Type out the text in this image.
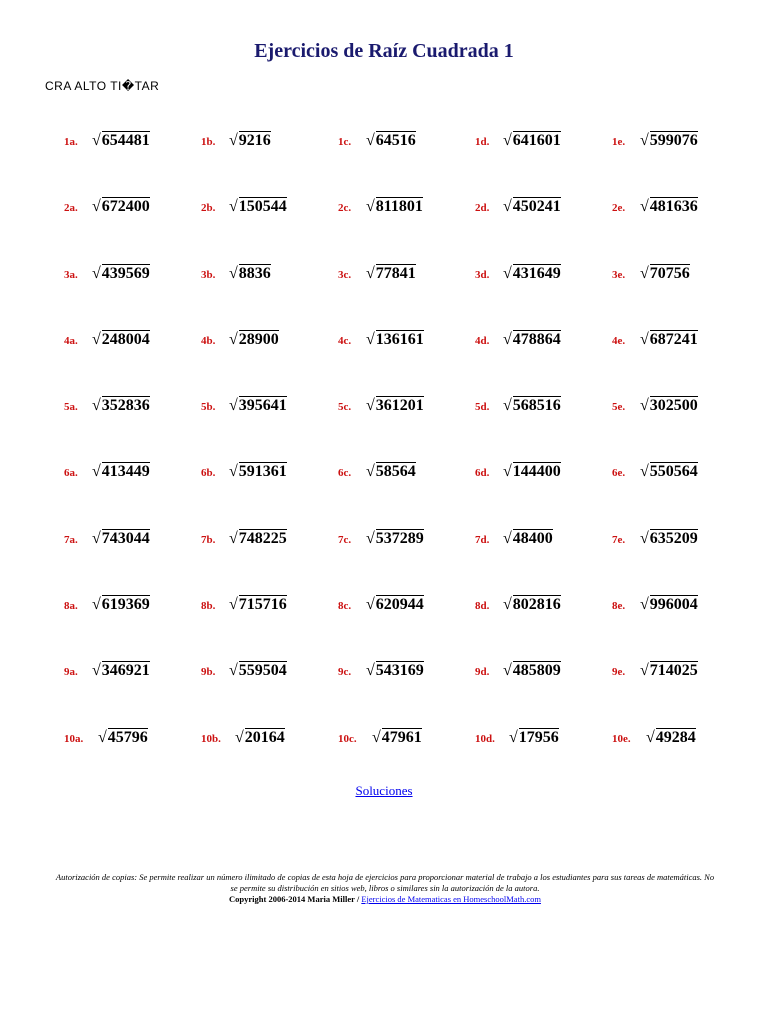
Ejercicios de Raíz Cuadrada 1
CRA ALTO TI�TAR
1a. √ 654481	1b. √ 9216	1c. √ 64516	1d. √ 641601	1e. √ 599076
2a. √ 672400	2b. √ 150544	2c. √ 811801	2d. √ 450241	2e. √ 481636
3a. √ 439569	3b. √ 8836	3c. √ 77841	3d. √ 431649	3e. √ 70756
4a. √ 248004	4b. √ 28900	4c. √ 136161	4d. √ 478864	4e. √ 687241
5a. √ 352836	5b. √ 395641	5c. √ 361201	5d. √ 568516	5e. √ 302500
6a. √ 413449	6b. √ 591361	6c. √ 58564	6d. √ 144400	6e. √ 550564
7a. √ 743044	7b. √ 748225	7c. √ 537289	7d. √ 48400	7e. √ 635209
8a. √ 619369	8b. √ 715716	8c. √ 620944	8d. √ 802816	8e. √ 996004
9a. √ 346921	9b. √ 559504	9c. √ 543169	9d. √ 485809	9e. √ 714025
10a. √ 45796	10b. √ 20164	10c. √ 47961	10d. √ 17956	10e. √ 49284
Soluciones
Autorización de copias: Se permite realizar un número ilimitado de copias de esta hoja de ejercicios para proporcionar material de trabajo a los estudiantes para sus tareas de matemáticas. No se permite su distribución en sitios web, libros o similares sin la autorización de la autora.
Copyright 2006-2014 Maria Miller / Ejercicios de Matematicas en HomeschoolMath.com
